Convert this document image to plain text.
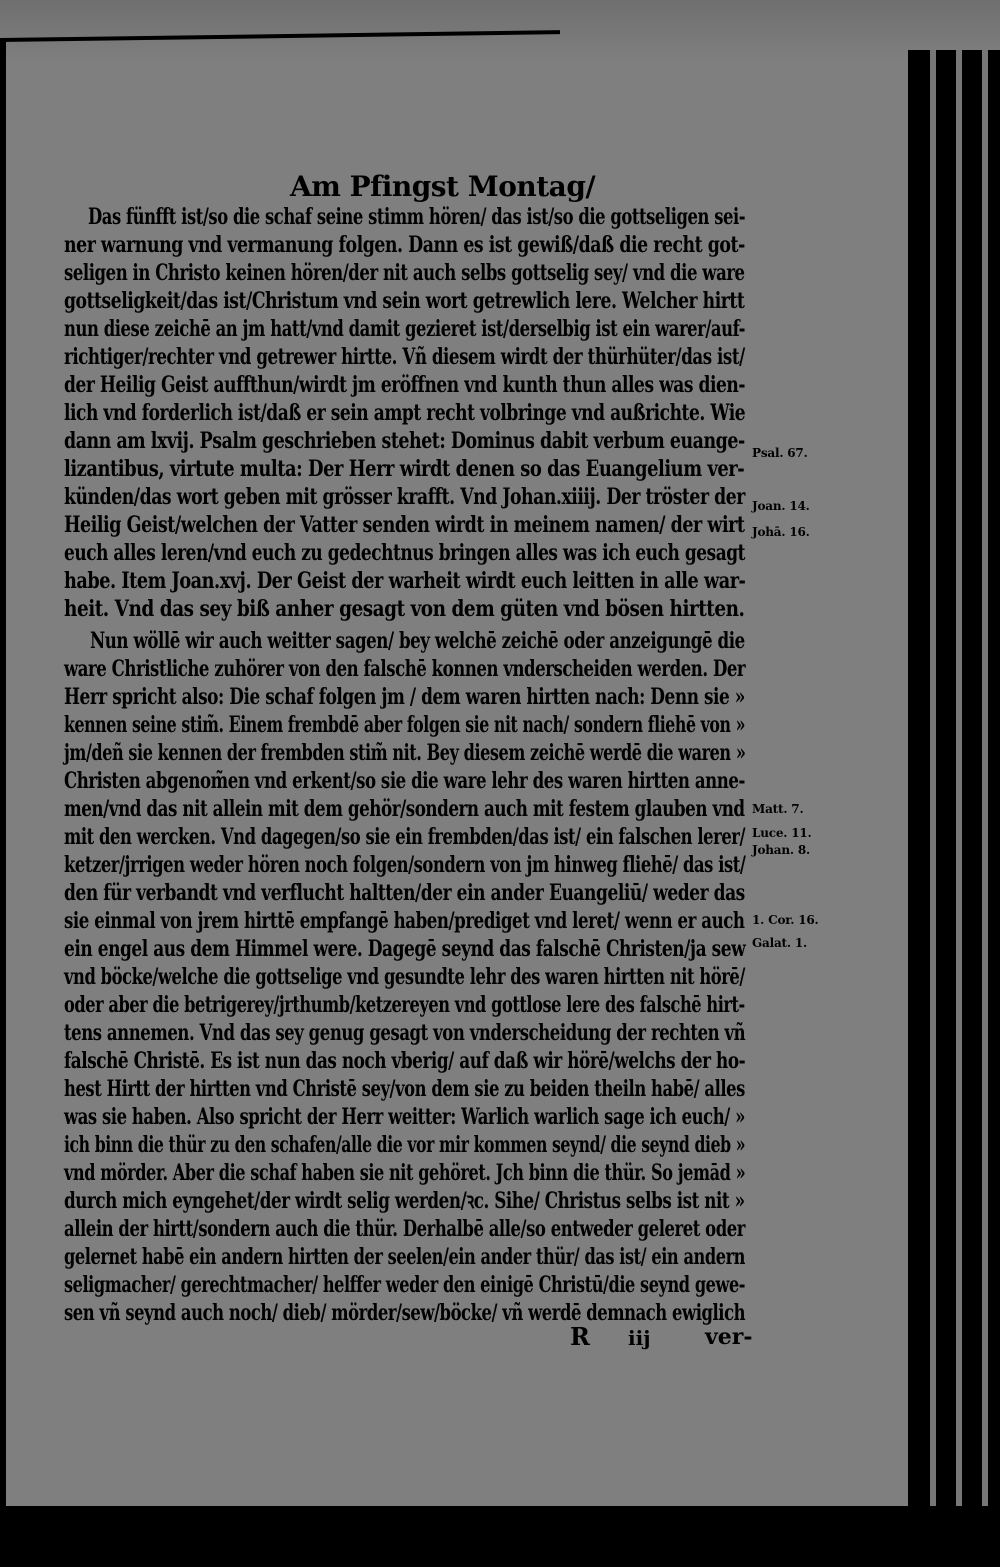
Am Pfingst Montag/
Das fünfft ist/so die schaf seine stimm hören/ das ist/so die gottseligen sei-
ner warnung vnd vermanung folgen. Dann es ist gewiß/daß die recht got-
seligen in Christo keinen hören/der nit auch selbs gottselig sey/ vnd die ware
gottseligkeit/das ist/Christum vnd sein wort getrewlich lere. Welcher hirtt
nun diese zeichē an jm hatt/vnd damit gezieret ist/derselbig ist ein warer/auf-
richtiger/rechter vnd getrewer hirtte. Vñ diesem wirdt der thürhüter/das ist/
der Heilig Geist auffthun/wirdt jm eröffnen vnd kunth thun alles was dien-
lich vnd forderlich ist/daß er sein ampt recht volbringe vnd außrichte. Wie
dann am lxvij. Psalm geschrieben stehet: Dominus dabit verbum euange-
lizantibus, virtute multa: Der Herr wirdt denen so das Euangelium ver-
künden/das wort geben mit grösser krafft. Vnd Johan.xiiij. Der tröster der
Heilig Geist/welchen der Vatter senden wirdt in meinem namen/ der wirt
euch alles leren/vnd euch zu gedechtnus bringen alles was ich euch gesagt
habe. Item Joan.xvj. Der Geist der warheit wirdt euch leitten in alle war-
heit. Vnd das sey biß anher gesagt von dem güten vnd bösen hirtten.
Nun wöllē wir auch weitter sagen/ bey welchē zeichē oder anzeigungē die
ware Christliche zuhörer von den falschē konnen vnderscheiden werden. Der
Herr spricht also: Die schaf folgen jm / dem waren hirtten nach: Denn sie »
kennen seine stim̃. Einem frembdē aber folgen sie nit nach/ sondern fliehē von »
jm/deñ sie kennen der frembden stim̃ nit. Bey diesem zeichē werdē die waren »
Christen abgenom̃en vnd erkent/so sie die ware lehr des waren hirtten anne-
men/vnd das nit allein mit dem gehör/sondern auch mit festem glauben vnd
mit den wercken. Vnd dagegen/so sie ein frembden/das ist/ ein falschen lerer/
ketzer/jrrigen weder hören noch folgen/sondern von jm hinweg fliehē/ das ist/
den für verbandt vnd verflucht haltten/der ein ander Euangeliū/ weder das
sie einmal von jrem hirttē empfangē haben/prediget vnd leret/ wenn er auch
ein engel aus dem Himmel were. Dagegē seynd das falschē Christen/ja sew
vnd böcke/welche die gottselige vnd gesundte lehr des waren hirtten nit hörē/
oder aber die betrigerey/jrthumb/ketzereyen vnd gottlose lere des falschē hirt-
tens annemen. Vnd das sey genug gesagt von vnderscheidung der rechten vñ
falschē Christē. Es ist nun das noch vberig/ auf daß wir hörē/welchs der ho-
hest Hirtt der hirtten vnd Christē sey/von dem sie zu beiden theiln habē/ alles
was sie haben. Also spricht der Herr weitter: Warlich warlich sage ich euch/ »
ich binn die thür zu den schafen/alle die vor mir kommen seynd/ die seynd dieb »
vnd mörder. Aber die schaf haben sie nit gehöret. Jch binn die thür. So jemād »
durch mich eyngehet/der wirdt selig werden/ꝛc. Sihe/ Christus selbs ist nit »
allein der hirtt/sondern auch die thür. Derhalbē alle/so entweder geleret oder
gelernet habē ein andern hirtten der seelen/ein ander thür/ das ist/ ein andern
seligmacher/ gerechtmacher/ helffer weder den einigē Christū/die seynd gewe-
sen vñ seynd auch noch/ dieb/ mörder/sew/böcke/ vñ werdē demnach ewiglich
Psal. 67.
Joan. 14.
Johā. 16.
Matt. 7.
Luce. 11.
Johan. 8.
1. Cor. 16.
Galat. 1.
R iij ver-
